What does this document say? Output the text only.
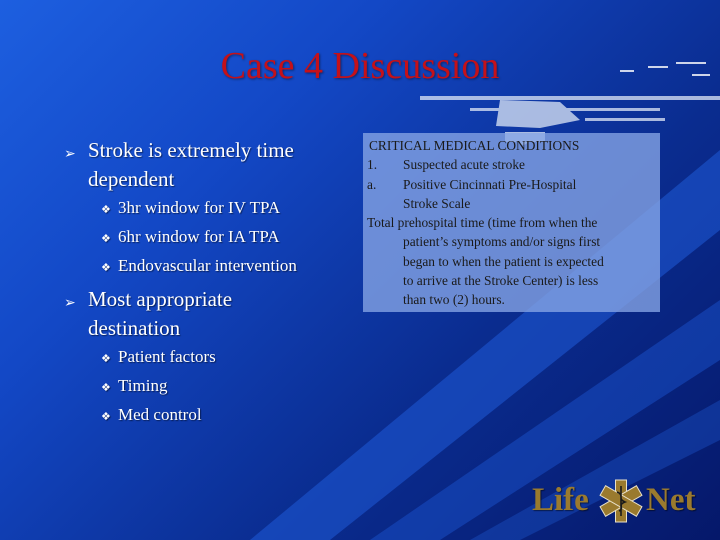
Case 4 Discussion
➢ Stroke is extremely time
dependent
❖ 3hr window for IV TPA
❖ 6hr window for IA TPA
❖ Endovascular intervention
➢ Most appropriate
destination
❖ Patient factors
❖ Timing
❖ Med control
CRITICAL MEDICAL CONDITIONS
1. Suspected acute stroke
a. Positive Cincinnati Pre-Hospital
Stroke Scale
Total prehospital time (time from when the
patient’s symptoms and/or signs first
began to when the patient is expected
to arrive at the Stroke Center) is less
than two (2) hours.
Life Net
